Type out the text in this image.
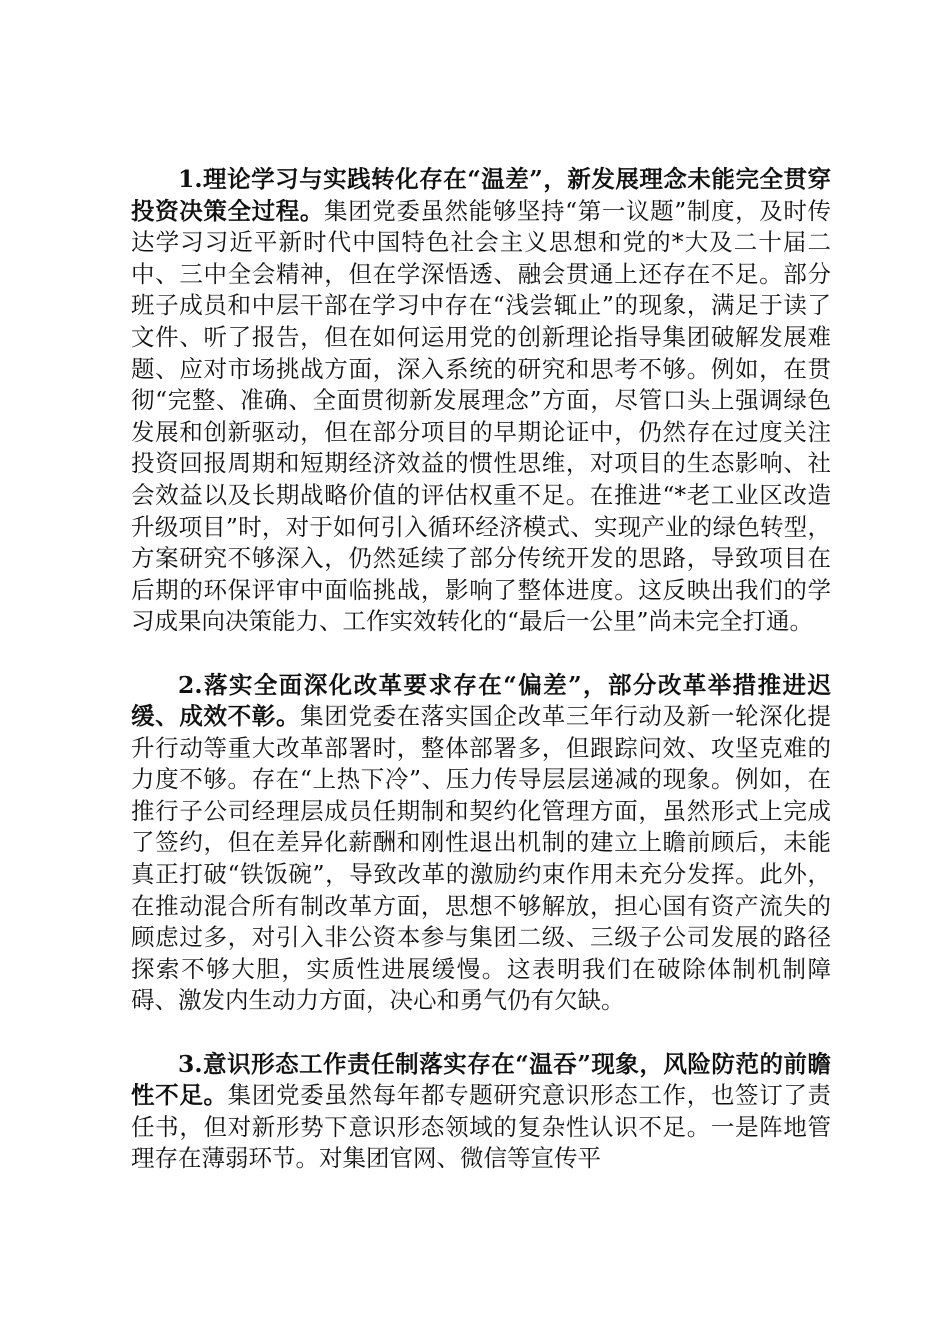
1.理论学习与实践转化存在“温差”，新发展理念未能完全贯穿投资决策全过程。集团党委虽然能够坚持“第一议题”制度，及时传达学习习近平新时代中国特色社会主义思想和党的*大及二十届二中、三中全会精神，但在学深悟透、融会贯通上还存在不足。部分班子成员和中层干部在学习中存在“浅尝辄止”的现象，满足于读了文件、听了报告，但在如何运用党的创新理论指导集团破解发展难题、应对市场挑战方面，深入系统的研究和思考不够。例如，在贯彻“完整、准确、全面贯彻新发展理念”方面，尽管口头上强调绿色发展和创新驱动，但在部分项目的早期论证中，仍然存在过度关注投资回报周期和短期经济效益的惯性思维，对项目的生态影响、社会效益以及长期战略价值的评估权重不足。在推进“*老工业区改造升级项目”时，对于如何引入循环经济模式、实现产业的绿色转型，方案研究不够深入，仍然延续了部分传统开发的思路，导致项目在后期的环保评审中面临挑战，影响了整体进度。这反映出我们的学习成果向决策能力、工作实效转化的“最后一公里”尚未完全打通。

2.落实全面深化改革要求存在“偏差”，部分改革举措推进迟缓、成效不彰。集团党委在落实国企改革三年行动及新一轮深化提升行动等重大改革部署时，整体部署多，但跟踪问效、攻坚克难的力度不够。存在“上热下冷”、压力传导层层递减的现象。例如，在推行子公司经理层成员任期制和契约化管理方面，虽然形式上完成了签约，但在差异化薪酬和刚性退出机制的建立上瞻前顾后，未能真正打破“铁饭碗”，导致改革的激励约束作用未充分发挥。此外，在推动混合所有制改革方面，思想不够解放，担心国有资产流失的顾虑过多，对引入非公资本参与集团二级、三级子公司发展的路径探索不够大胆，实质性进展缓慢。这表明我们在破除体制机制障碍、激发内生动力方面，决心和勇气仍有欠缺。

3.意识形态工作责任制落实存在“温吞”现象，风险防范的前瞻性不足。集团党委虽然每年都专题研究意识形态工作，也签订了责任书，但对新形势下意识形态领域的复杂性认识不足。一是阵地管理存在薄弱环节。对集团官网、微信等宣传平
